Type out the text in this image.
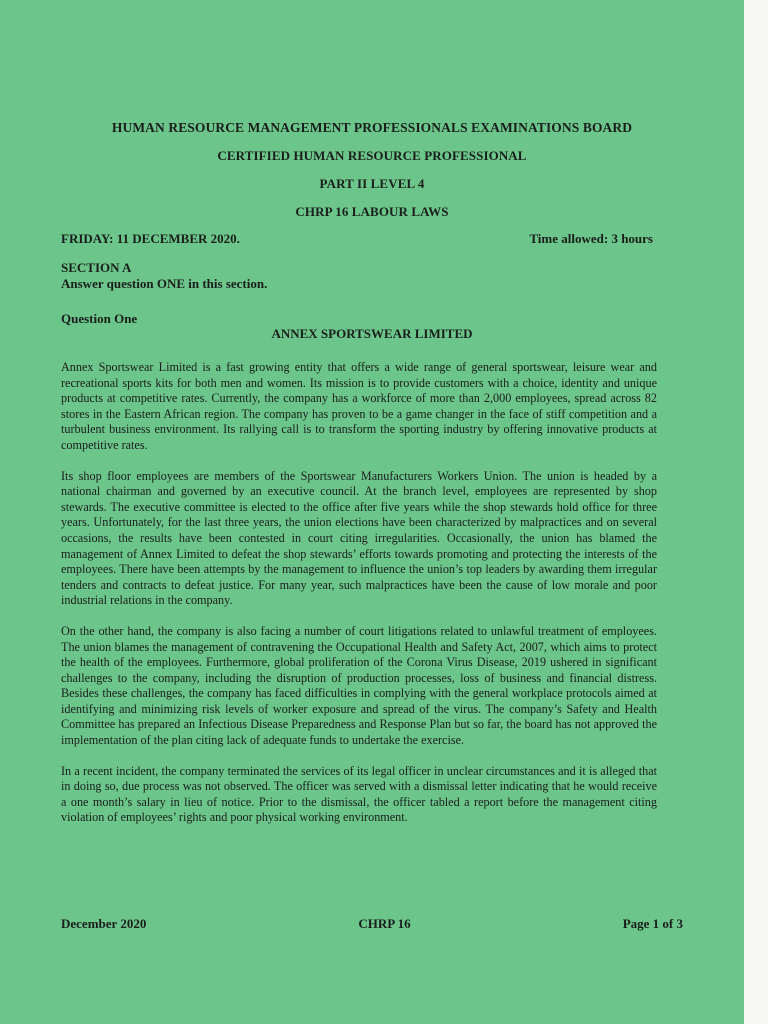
HUMAN RESOURCE MANAGEMENT PROFESSIONALS EXAMINATIONS BOARD
CERTIFIED HUMAN RESOURCE PROFESSIONAL
PART II LEVEL 4
CHRP 16 LABOUR LAWS
FRIDAY: 11 DECEMBER 2020.	Time allowed: 3 hours
SECTION A
Answer question ONE in this section.
Question One
ANNEX SPORTSWEAR LIMITED

Annex Sportswear Limited is a fast growing entity that offers a wide range of general sportswear, leisure wear and recreational sports kits for both men and women. Its mission is to provide customers with a choice, identity and unique products at competitive rates. Currently, the company has a workforce of more than 2,000 employees, spread across 82 stores in the Eastern African region. The company has proven to be a game changer in the face of stiff competition and a turbulent business environment. Its rallying call is to transform the sporting industry by offering innovative products at competitive rates.

Its shop floor employees are members of the Sportswear Manufacturers Workers Union. The union is headed by a national chairman and governed by an executive council. At the branch level, employees are represented by shop stewards. The executive committee is elected to the office after five years while the shop stewards hold office for three years. Unfortunately, for the last three years, the union elections have been characterized by malpractices and on several occasions, the results have been contested in court citing irregularities. Occasionally, the union has blamed the management of Annex Limited to defeat the shop stewards’ efforts towards promoting and protecting the interests of the employees. There have been attempts by the management to influence the union’s top leaders by awarding them irregular tenders and contracts to defeat justice. For many year, such malpractices have been the cause of low morale and poor industrial relations in the company.

On the other hand, the company is also facing a number of court litigations related to unlawful treatment of employees. The union blames the management of contravening the Occupational Health and Safety Act, 2007, which aims to protect the health of the employees. Furthermore, global proliferation of the Corona Virus Disease, 2019 ushered in significant challenges to the company, including the disruption of production processes, loss of business and financial distress. Besides these challenges, the company has faced difficulties in complying with the general workplace protocols aimed at identifying and minimizing risk levels of worker exposure and spread of the virus. The company’s Safety and Health Committee has prepared an Infectious Disease Preparedness and Response Plan but so far, the board has not approved the implementation of the plan citing lack of adequate funds to undertake the exercise.

In a recent incident, the company terminated the services of its legal officer in unclear circumstances and it is alleged that in doing so, due process was not observed. The officer was served with a dismissal letter indicating that he would receive a one month’s salary in lieu of notice. Prior to the dismissal, the officer tabled a report before the management citing violation of employees’ rights and poor physical working environment.

December 2020	CHRP 16	Page 1 of 3
